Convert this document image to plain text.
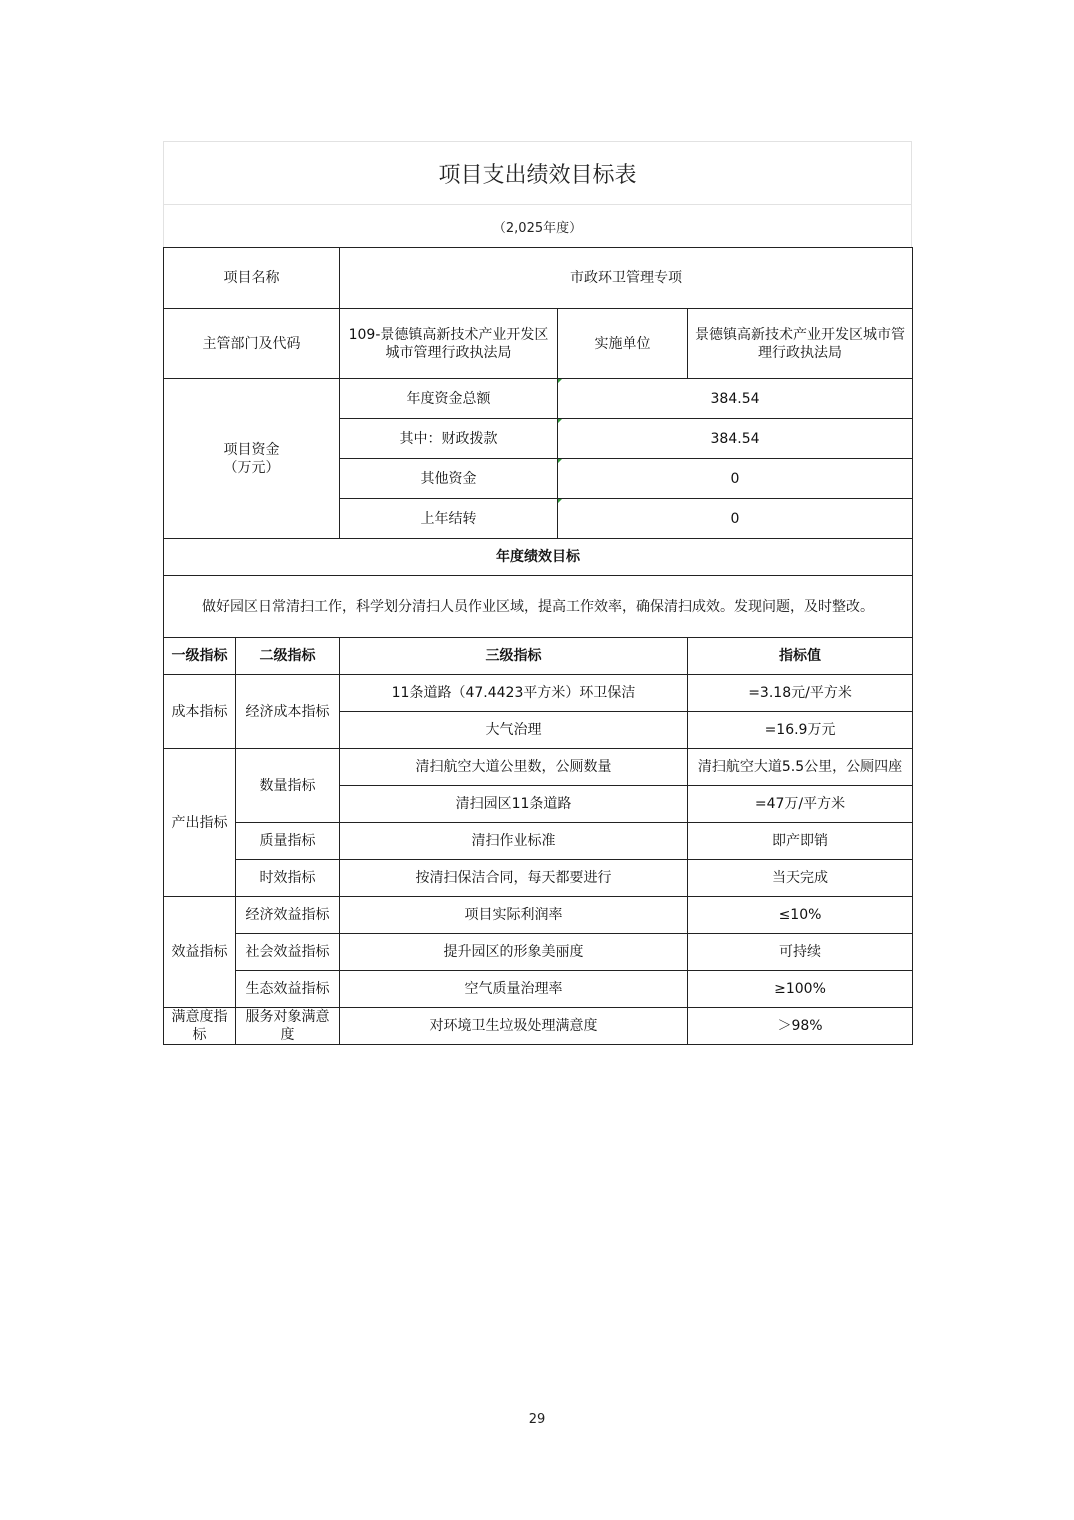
项目支出绩效目标表
（2,025年度）
项目名称		市政环卫管理专项		
主管部门及代码		109-景德镇高新技术产业开发区城市管理行政执法局	实施单位	景德镇高新技术产业开发区城市管理行政执法局
项目资金
（万元）		年度资金总额	384.54	
		其中：财政拨款	384.54	
		其他资金	0	
		上年结转	0	
年度绩效目标				
做好园区日常清扫工作，科学划分清扫人员作业区域，提高工作效率，确保清扫成效。发现问题，及时整改。				
一级指标	二级指标	三级指标		指标值
成本指标	经济成本指标	11条道路（47.4423平方米）环卫保洁		=3.18元/平方米
		大气治理		=16.9万元
产出指标	数量指标	清扫航空大道公里数，公厕数量		清扫航空大道5.5公里，公厕四座
		清扫园区11条道路		=47万/平方米
	质量指标	清扫作业标准		即产即销
	时效指标	按清扫保洁合同，每天都要进行		当天完成
效益指标	经济效益指标	项目实际利润率		≤10%
	社会效益指标	提升园区的形象美丽度		可持续
	生态效益指标	空气质量治理率		≥100%
满意度指标	服务对象满意度	对环境卫生垃圾处理满意度		＞98%
29
